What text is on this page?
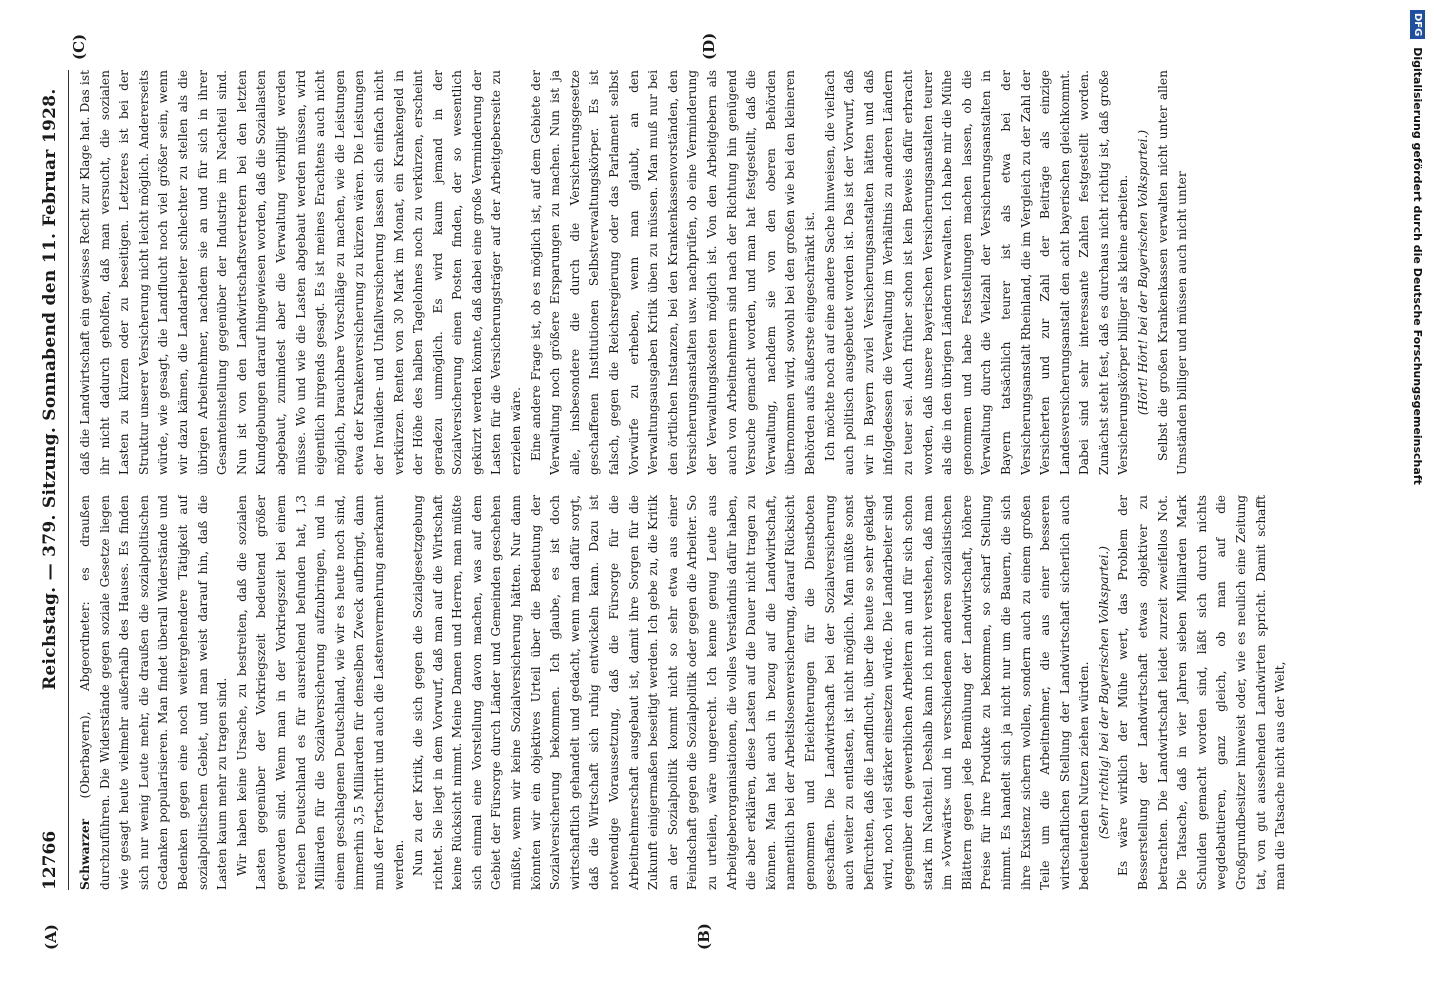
12766
Reichstag. — 379. Sitzung. Sonnabend den 11. Februar 1928.
(A)	(B)
(C)	(D)

Schwarzer (Oberbayern), Abgeordneter: es draußen durchzuführen. Die Widerstände gegen soziale Gesetze liegen wie gesagt heute vielmehr außerhalb des Hauses. Es finden sich nur wenig Leute mehr, die draußen die sozialpolitischen Gedanken popularisieren. Man findet überall Widerstände und Bedenken gegen eine noch weitergehendere Tätigkeit auf sozialpolitischem Gebiet, und man weist darauf hin, daß die Lasten kaum mehr zu tragen sind. Wir haben keine Ursache, zu bestreiten, daß die sozialen Lasten gegenüber der Vorkriegszeit bedeutend größer geworden sind. Wenn man in der Vorkriegszeit bei einem reichen Deutschland es für ausreichend befunden hat, 1,3 Milliarden für die Sozialversicherung aufzubringen, und in einem geschlagenen Deutschland, wie wir es heute noch sind, immerhin 3,5 Milliarden für denselben Zweck aufbringt, dann muß der Fortschritt und auch die Lastenvermehrung anerkannt werden. Nun zu der Kritik, die sich gegen die Sozialgesetzgebung richtet. Sie liegt in dem Vorwurf, daß man auf die Wirtschaft keine Rücksicht nimmt. Meine Damen und Herren, man müßte sich einmal eine Vorstellung davon machen, was auf dem Gebiet der Fürsorge durch Länder und Gemeinden geschehen müßte, wenn wir keine Sozialversicherung hätten. Nur dann könnten wir ein objektives Urteil über die Bedeutung der Sozialversicherung bekommen. Ich glaube, es ist doch wirtschaftlich gehandelt und gedacht, wenn man dafür sorgt, daß die Wirtschaft sich ruhig entwickeln kann. Dazu ist notwendige Voraussetzung, daß die Fürsorge für die Arbeitnehmerschaft ausgebaut ist, damit ihre Sorgen für die Zukunft einigermaßen beseitigt werden. Ich gebe zu, die Kritik an der Sozialpolitik kommt nicht so sehr etwa aus einer Feindschaft gegen die Sozialpolitik oder gegen die Arbeiter. So zu urteilen, wäre ungerecht. Ich kenne genug Leute aus Arbeitgeberorganisationen, die volles Verständnis dafür haben, die aber erklären, diese Lasten auf die Dauer nicht tragen zu können. Man hat auch in bezug auf die Landwirtschaft, namentlich bei der Arbeitslosenversicherung, darauf Rücksicht genommen und Erleichterungen für die Dienstboten geschaffen. Die Landwirtschaft bei der Sozialversicherung auch weiter zu entlasten, ist nicht möglich. Man müßte sonst befürchten, daß die Landflucht, über die heute so sehr geklagt wird, noch viel stärker einsetzen würde. Die Landarbeiter sind gegenüber den gewerblichen Arbeitern an und für sich schon stark im Nachteil. Deshalb kann ich nicht verstehen, daß man im »Vorwärts« und in verschiedenen anderen sozialistischen Blättern gegen jede Bemühung der Landwirtschaft, höhere Preise für ihre Produkte zu bekommen, so scharf Stellung nimmt. Es handelt sich ja nicht nur um die Bauern, die sich ihre Existenz sichern wollen, sondern auch zu einem großen Teile um die Arbeitnehmer, die aus einer besseren wirtschaftlichen Stellung der Landwirtschaft sicherlich auch bedeutenden Nutzen ziehen würden. (Sehr richtig! bei der Bayerischen Volkspartei.) Es wäre wirklich der Mühe wert, das Problem der Besserstellung der Landwirtschaft etwas objektiver zu betrachten. Die Landwirtschaft leidet zurzeit zweifellos Not. Die Tatsache, daß in vier Jahren sieben Milliarden Mark Schulden gemacht worden sind, läßt sich durch nichts wegdebattieren, ganz gleich, ob man auf die Großgrundbesitzer hinweist oder, wie es neulich eine Zeitung tat, von gut aussehenden Landwirten spricht. Damit schafft man die Tatsache nicht aus der Welt,

daß die Landwirtschaft ein gewisses Recht zur Klage hat. Das ist ihr nicht dadurch geholfen, daß man versucht, die sozialen Lasten zu kürzen oder zu beseitigen. Letzteres ist bei der Struktur unserer Versicherung nicht leicht möglich. Andererseits würde, wie gesagt, die Landflucht noch viel größer sein, wenn wir dazu kämen, die Landarbeiter schlechter zu stellen als die übrigen Arbeitnehmer, nachdem sie an und für sich in ihrer Gesamteinstellung gegenüber der Industrie im Nachteil sind. Nun ist von den Landwirtschaftsvertretern bei den letzten Kundgebungen darauf hingewiesen worden, daß die Soziallasten abgebaut, zumindest aber die Verwaltung verbilligt werden müsse. Wo und wie die Lasten abgebaut werden müssen, wird eigentlich nirgends gesagt. Es ist meines Erachtens auch nicht möglich, brauchbare Vorschläge zu machen, wie die Leistungen etwa der Krankenversicherung zu kürzen wären. Die Leistungen der Invaliden- und Unfallversicherung lassen sich einfach nicht verkürzen. Renten von 30 Mark im Monat, ein Krankengeld in der Höhe des halben Tagelohnes noch zu verkürzen, erscheint geradezu unmöglich. Es wird kaum jemand in der Sozialversicherung einen Posten finden, der so wesentlich gekürzt werden könnte, daß dabei eine große Verminderung der Lasten für die Versicherungsträger auf der Arbeitgeberseite zu erzielen wäre. Eine andere Frage ist, ob es möglich ist, auf dem Gebiete der Verwaltung noch größere Ersparungen zu machen. Nun ist ja alle, insbesondere die durch die Versicherungsgesetze geschaffenen Institutionen Selbstverwaltungskörper. Es ist falsch, gegen die Reichsregierung oder das Parlament selbst Vorwürfe zu erheben, wenn man glaubt, an den Verwaltungsausgaben Kritik üben zu müssen. Man muß nur bei den örtlichen Instanzen, bei den Krankenkassenvorständen, den Versicherungsanstalten usw. nachprüfen, ob eine Verminderung der Verwaltungskosten möglich ist. Von den Arbeitgebern als auch von Arbeitnehmern sind nach der Richtung hin genügend Versuche gemacht worden, und man hat festgestellt, daß die Verwaltung, nachdem sie von den oberen Behörden übernommen wird, sowohl bei den großen wie bei den kleineren Behörden aufs äußerste eingeschränkt ist. Ich möchte noch auf eine andere Sache hinweisen, die vielfach auch politisch ausgebeutet worden ist. Das ist der Vorwurf, daß wir in Bayern zuviel Versicherungsanstalten hätten und daß infolgedessen die Verwaltung im Verhältnis zu anderen Ländern zu teuer sei. Auch früher schon ist kein Beweis dafür erbracht worden, daß unsere bayerischen Versicherungsanstalten teurer als die in den übrigen Ländern verwalten. Ich habe mir die Mühe genommen und habe Feststellungen machen lassen, ob die Verwaltung durch die Vielzahl der Versicherungsanstalten in Bayern tatsächlich teurer ist als etwa bei der Versicherungsanstalt Rheinland, die im Vergleich zu der Zahl der Versicherten und zur Zahl der Beiträge als einzige Landesversicherungsanstalt den acht bayerischen gleichkommt. Dabei sind sehr interessante Zahlen festgestellt worden. Zunächst steht fest, daß es durchaus nicht richtig ist, daß große Versicherungskörper billiger als kleine arbeiten. (Hört! Hört! bei der Bayerischen Volkspartei.) Selbst die großen Krankenkassen verwalten nicht unter allen Umständen billiger und müssen auch nicht unter

DFG Digitalisierung gefördert durch die Deutsche Forschungsgemeinschaft
